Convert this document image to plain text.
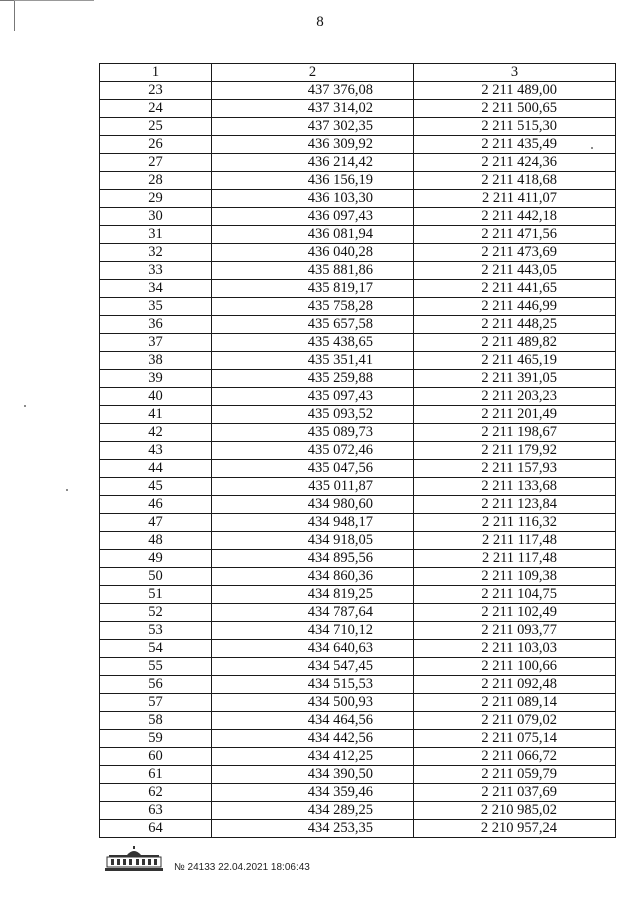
8
1	2	3
23	437 376,08	2 211 489,00
24	437 314,02	2 211 500,65
25	437 302,35	2 211 515,30
26	436 309,92	2 211 435,49
27	436 214,42	2 211 424,36
28	436 156,19	2 211 418,68
29	436 103,30	2 211 411,07
30	436 097,43	2 211 442,18
31	436 081,94	2 211 471,56
32	436 040,28	2 211 473,69
33	435 881,86	2 211 443,05
34	435 819,17	2 211 441,65
35	435 758,28	2 211 446,99
36	435 657,58	2 211 448,25
37	435 438,65	2 211 489,82
38	435 351,41	2 211 465,19
39	435 259,88	2 211 391,05
40	435 097,43	2 211 203,23
41	435 093,52	2 211 201,49
42	435 089,73	2 211 198,67
43	435 072,46	2 211 179,92
44	435 047,56	2 211 157,93
45	435 011,87	2 211 133,68
46	434 980,60	2 211 123,84
47	434 948,17	2 211 116,32
48	434 918,05	2 211 117,48
49	434 895,56	2 211 117,48
50	434 860,36	2 211 109,38
51	434 819,25	2 211 104,75
52	434 787,64	2 211 102,49
53	434 710,12	2 211 093,77
54	434 640,63	2 211 103,03
55	434 547,45	2 211 100,66
56	434 515,53	2 211 092,48
57	434 500,93	2 211 089,14
58	434 464,56	2 211 079,02
59	434 442,56	2 211 075,14
60	434 412,25	2 211 066,72
61	434 390,50	2 211 059,79
62	434 359,46	2 211 037,69
63	434 289,25	2 210 985,02
64	434 253,35	2 210 957,24
№ 24133 22.04.2021 18:06:43
